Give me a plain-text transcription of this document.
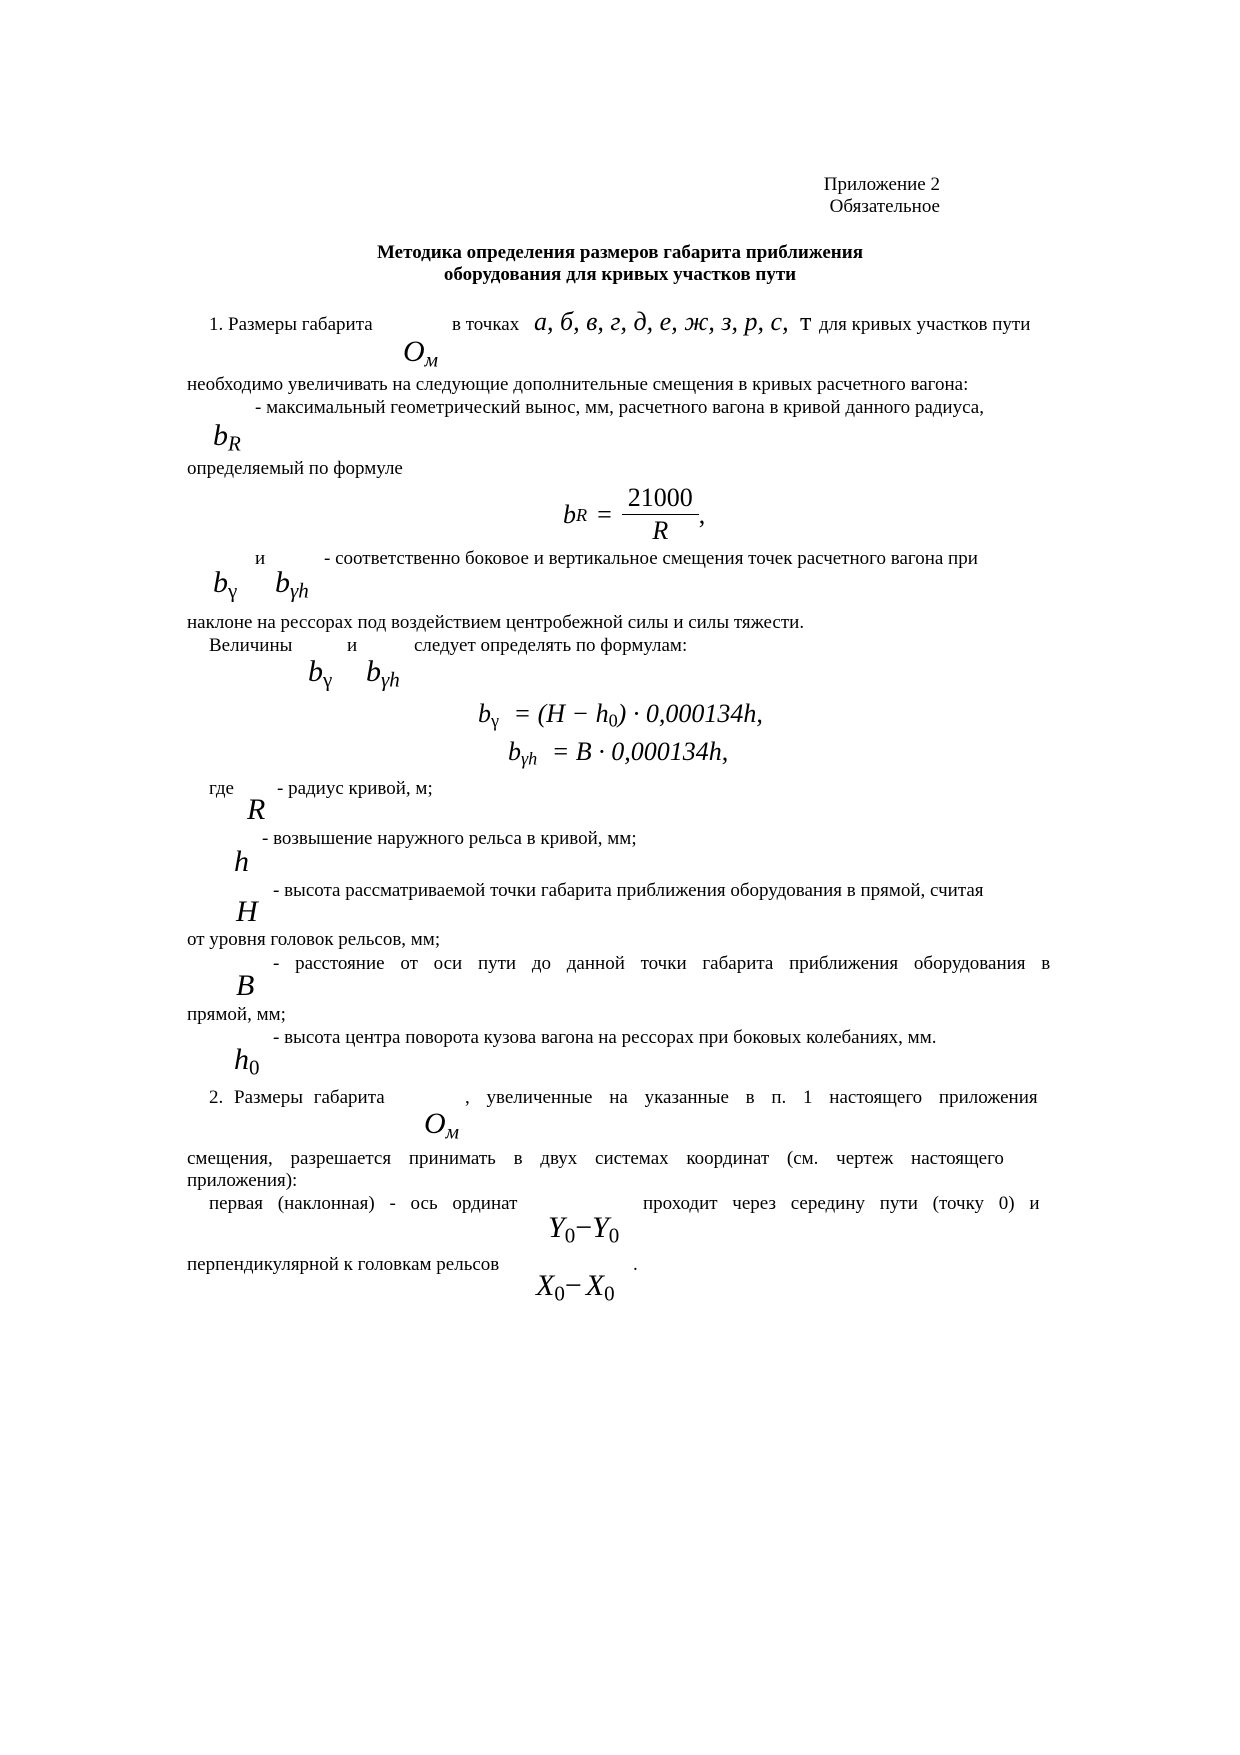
Приложение 2
Обязательное
Методика определения размеров габарита приближения
оборудования для кривых участков пути
1. Размеры габарита	в точках а, б, в, г, д, е, ж, з, р, с, т для кривых участков пути
$О_м$
необходимо увеличивать на следующие дополнительные смещения в кривых расчетного вагона:
- максимальный геометрический вынос, мм, расчетного вагона в кривой данного радиуса,
$b_R$
определяемый по формуле
b $R = \frac{21000}{R}$ ,
и	- соответственно боковое и вертикальное смещения точек расчетного вагона при
$b_\gamma$ $b_{\gamma h}$
наклоне на рессорах под воздействием центробежной силы и силы тяжести.
Величины	и	следует определять по формулам:
$b_\gamma$ $b_{\gamma h}$
$b_\gamma = (H - h_0) \cdot 0,000134h$,
$b_{\gamma h} = B \cdot 0,000134h$,
где - радиус кривой, м;
R
- возвышение наружного рельса в кривой, мм;
h
- высота рассматриваемой точки габарита приближения оборудования в прямой, считая
H
от уровня головок рельсов, мм;
- расстояние от оси пути до данной точки габарита приближения оборудования в
B
прямой, мм;
- высота центра поворота кузова вагона на рессорах при боковых колебаниях, мм.
$h_0$
2. Размеры габарита	, увеличенные на указанные в п. 1 настоящего приложения
$О_м$
смещения, разрешается принимать в двух системах координат (см. чертеж настоящего
приложения):
первая (наклонная) - ось ординат	проходит через середину пути (точку 0) и
$Y_0-Y_0$
перпендикулярной к головкам рельсов	.
$X_0- X_0$
